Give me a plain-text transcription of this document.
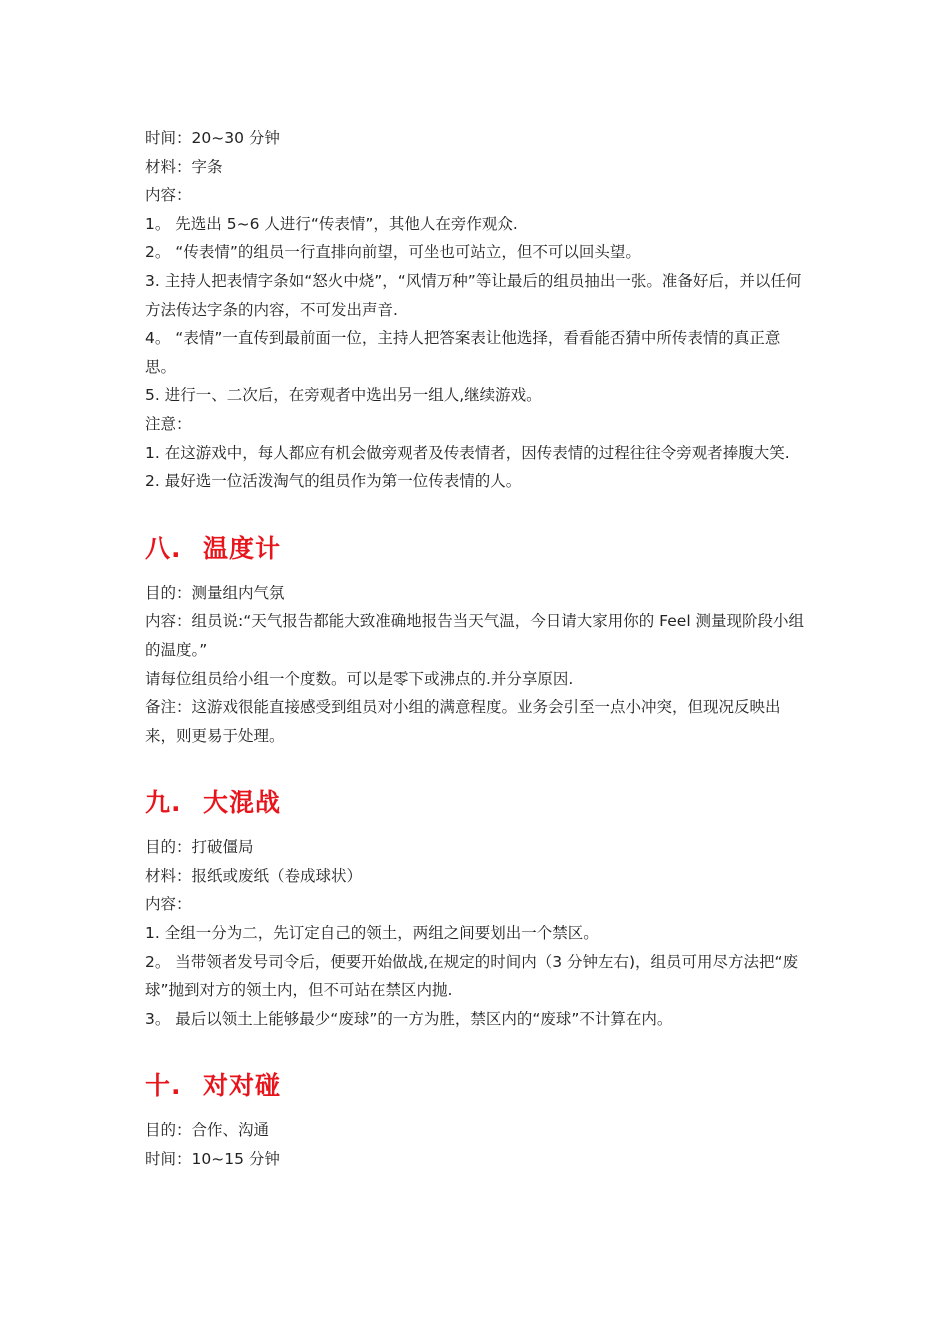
时间：20~30 分钟

材料：字条

内容：

1。 先选出 5~6 人进行“传表情”，其他人在旁作观众.

2。 “传表情”的组员一行直排向前望，可坐也可站立，但不可以回头望。

3. 主持人把表情字条如“怒火中烧”，“风情万种”等让最后的组员抽出一张。准备好后，并以任何方法传达字条的内容，不可发出声音.

4。 “表情”一直传到最前面一位，主持人把答案表让他选择，看看能否猜中所传表情的真正意思。

5. 进行一、二次后，在旁观者中选出另一组人,继续游戏。

注意：

1. 在这游戏中，每人都应有机会做旁观者及传表情者，因传表情的过程往往令旁观者捧腹大笑.

2. 最好选一位活泼淘气的组员作为第一位传表情的人。

八. 温度计

目的：测量组内气氛

内容：组员说:“天气报告都能大致准确地报告当天气温，今日请大家用你的 Feel 测量现阶段小组的温度。”

请每位组员给小组一个度数。可以是零下或沸点的.并分享原因.

备注：这游戏很能直接感受到组员对小组的满意程度。业务会引至一点小冲突，但现况反映出来，则更易于处理。

九. 大混战

目的：打破僵局

材料：报纸或废纸（卷成球状）

内容：

1. 全组一分为二，先订定自己的领土，两组之间要划出一个禁区。

2。 当带领者发号司令后，便要开始做战,在规定的时间内（3 分钟左右)，组员可用尽方法把“废球”抛到对方的领土内，但不可站在禁区内抛.

3。 最后以领土上能够最少“废球”的一方为胜，禁区内的“废球”不计算在内。

十. 对对碰

目的：合作、沟通

时间：10~15 分钟
